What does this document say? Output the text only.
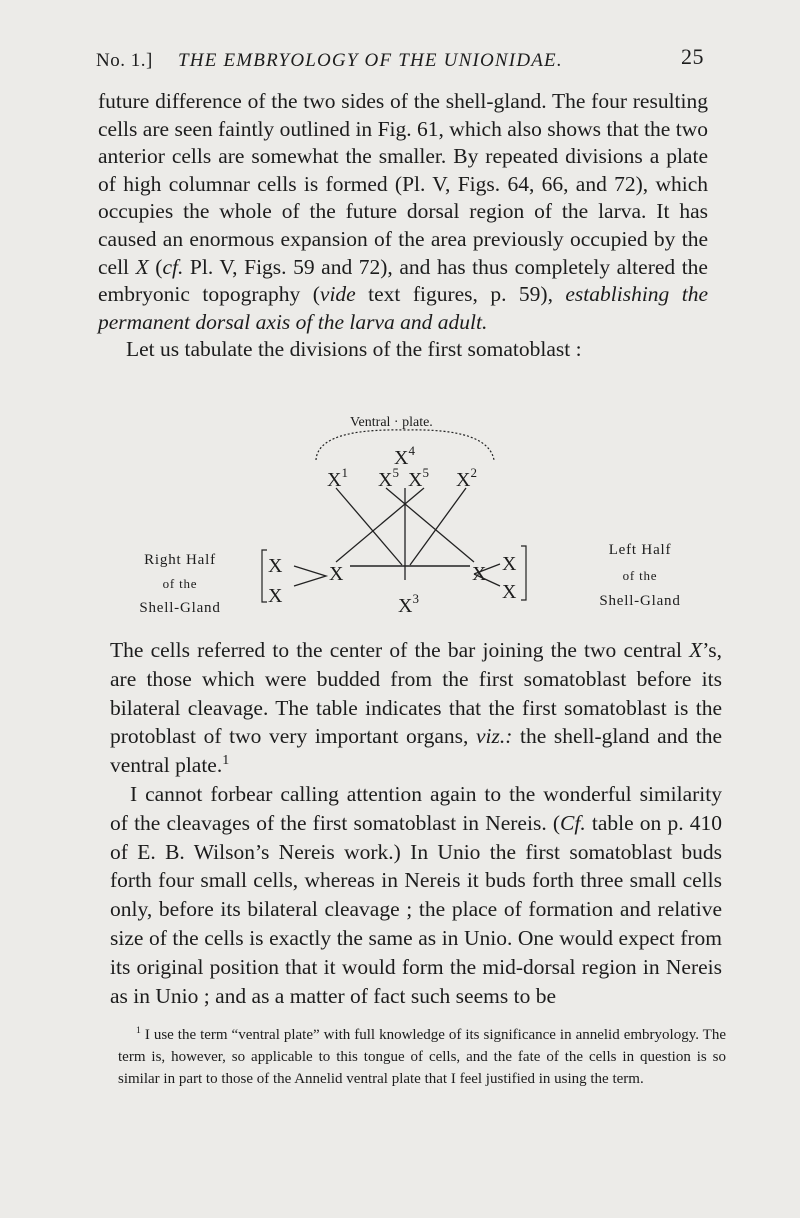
No. 1.] THE EMBRYOLOGY OF THE UNIONIDAE.	25

future difference of the two sides of the shell-gland. The four resulting cells are seen faintly outlined in Fig. 61, which also shows that the two anterior cells are somewhat the smaller. By repeated divisions a plate of high columnar cells is formed (Pl. V, Figs. 64, 66, and 72), which occupies the whole of the future dorsal region of the larva. It has caused an enormous expansion of the area previously occupied by the cell X (cf. Pl. V, Figs. 59 and 72), and has thus completely altered the embryonic topography (vide text figures, p. 59), establishing the permanent dorsal axis of the larva and adult.

Let us tabulate the divisions of the first somatoblast :

Ventral · plate.
$X^4$
$X^1$ $X^5$ $X^5$ $X^2$
X	X
$X^3$
X
X
X
X
Right Half
of the
Shell-Gland
Left Half
of the
Shell-Gland

The cells referred to the center of the bar joining the two central X’s, are those which were budded from the first somatoblast before its bilateral cleavage. The table indicates that the first somatoblast is the protoblast of two very important organs, viz.: the shell-gland and the ventral plate.$^1$

I cannot forbear calling attention again to the wonderful similarity of the cleavages of the first somatoblast in Nereis. (Cf. table on p. 410 of E. B. Wilson’s Nereis work.) In Unio the first somatoblast buds forth four small cells, whereas in Nereis it buds forth three small cells only, before its bilateral cleavage ; the place of formation and relative size of the cells is exactly the same as in Unio. One would expect from its original position that it would form the mid-dorsal region in Nereis as in Unio ; and as a matter of fact such seems to be

$^1$ I use the term “ventral plate” with full knowledge of its significance in annelid embryology. The term is, however, so applicable to this tongue of cells, and the fate of the cells in question is so similar in part to those of the Annelid ventral plate that I feel justified in using the term.
